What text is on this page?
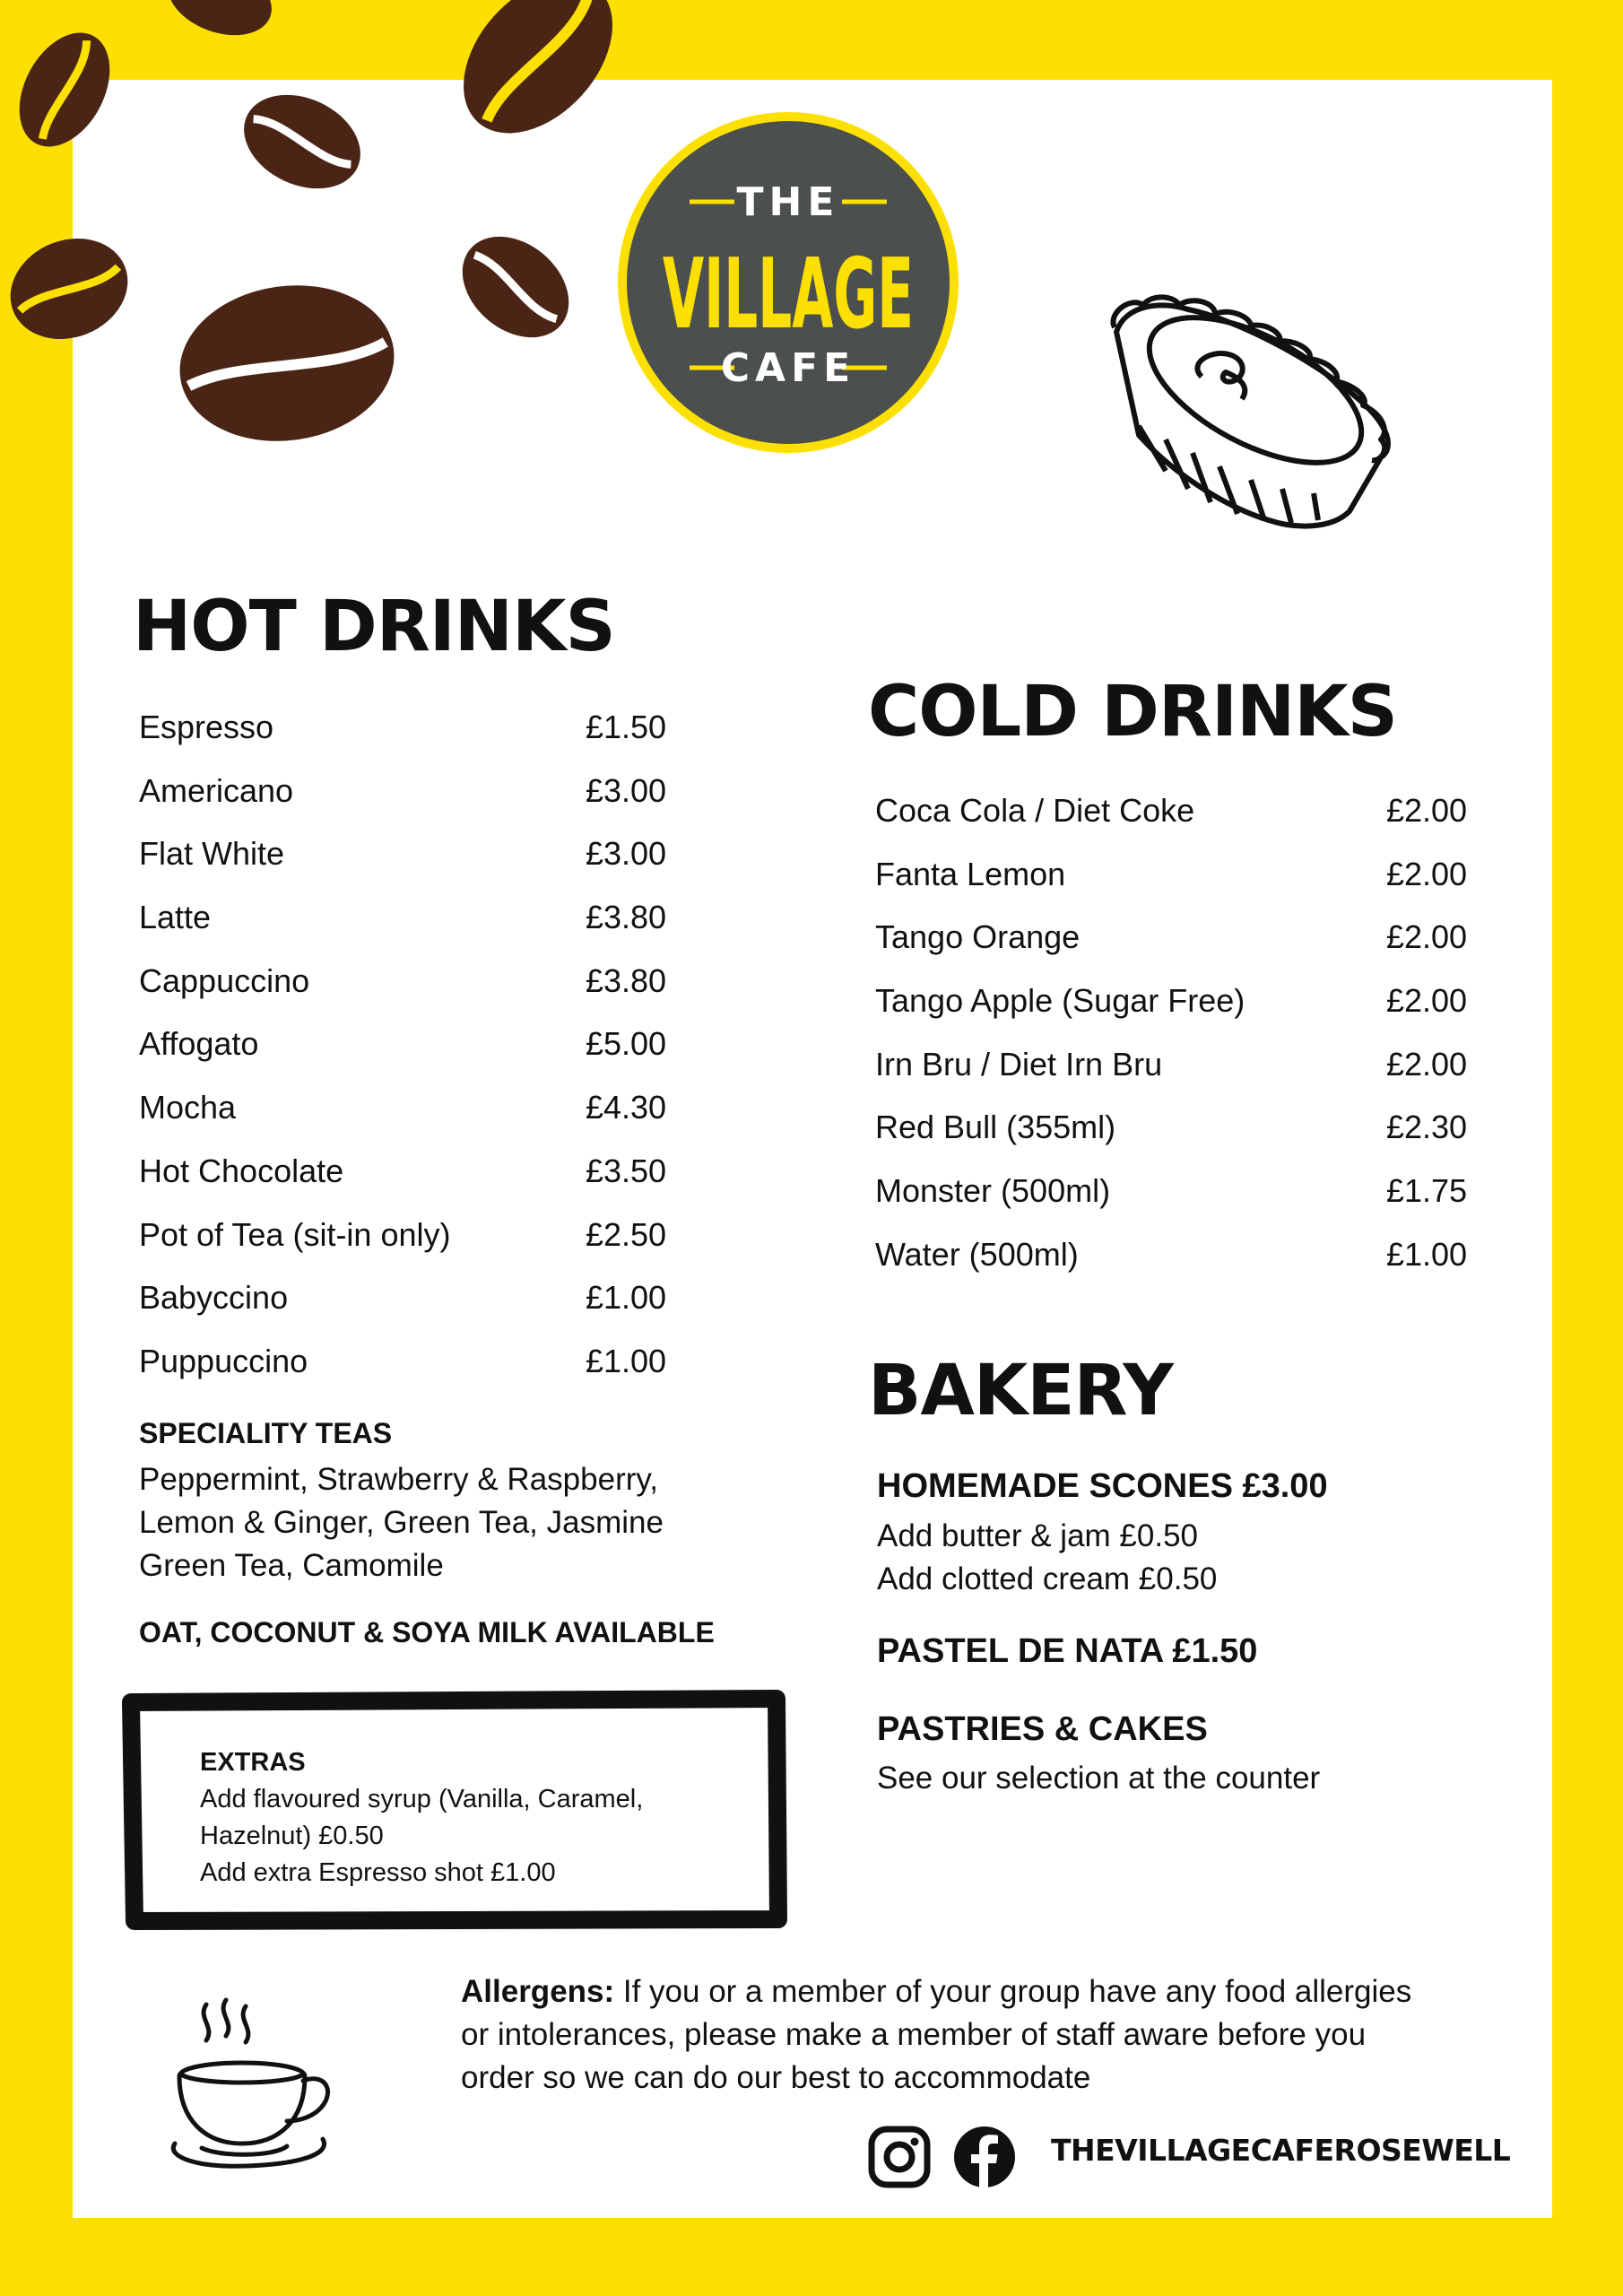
THE
VILLAGE
CAFE
HOT DRINKS
Espresso	£1.50
Americano	£3.00
Flat White	£3.00
Latte	£3.80
Cappuccino	£3.80
Affogato	£5.00
Mocha	£4.30
Hot Chocolate	£3.50
Pot of Tea (sit-in only)	£2.50
Babyccino	£1.00
Puppuccino	£1.00
SPECIALITY TEAS
Peppermint, Strawberry & Raspberry,
Lemon & Ginger, Green Tea, Jasmine
Green Tea, Camomile
OAT, COCONUT & SOYA MILK AVAILABLE
EXTRAS
Add flavoured syrup (Vanilla, Caramel,
Hazelnut) £0.50
Add extra Espresso shot £1.00
COLD DRINKS
Coca Cola / Diet Coke	£2.00
Fanta Lemon	£2.00
Tango Orange	£2.00
Tango Apple (Sugar Free)	£2.00
Irn Bru / Diet Irn Bru	£2.00
Red Bull (355ml)	£2.30
Monster (500ml)	£1.75
Water (500ml)	£1.00
BAKERY
HOMEMADE SCONES £3.00
Add butter & jam £0.50
Add clotted cream £0.50
PASTEL DE NATA £1.50
PASTRIES & CAKES
See our selection at the counter
Allergens: If you or a member of your group have any food allergies
or intolerances, please make a member of staff aware before you
order so we can do our best to accommodate
THEVILLAGECAFEROSEWELL
